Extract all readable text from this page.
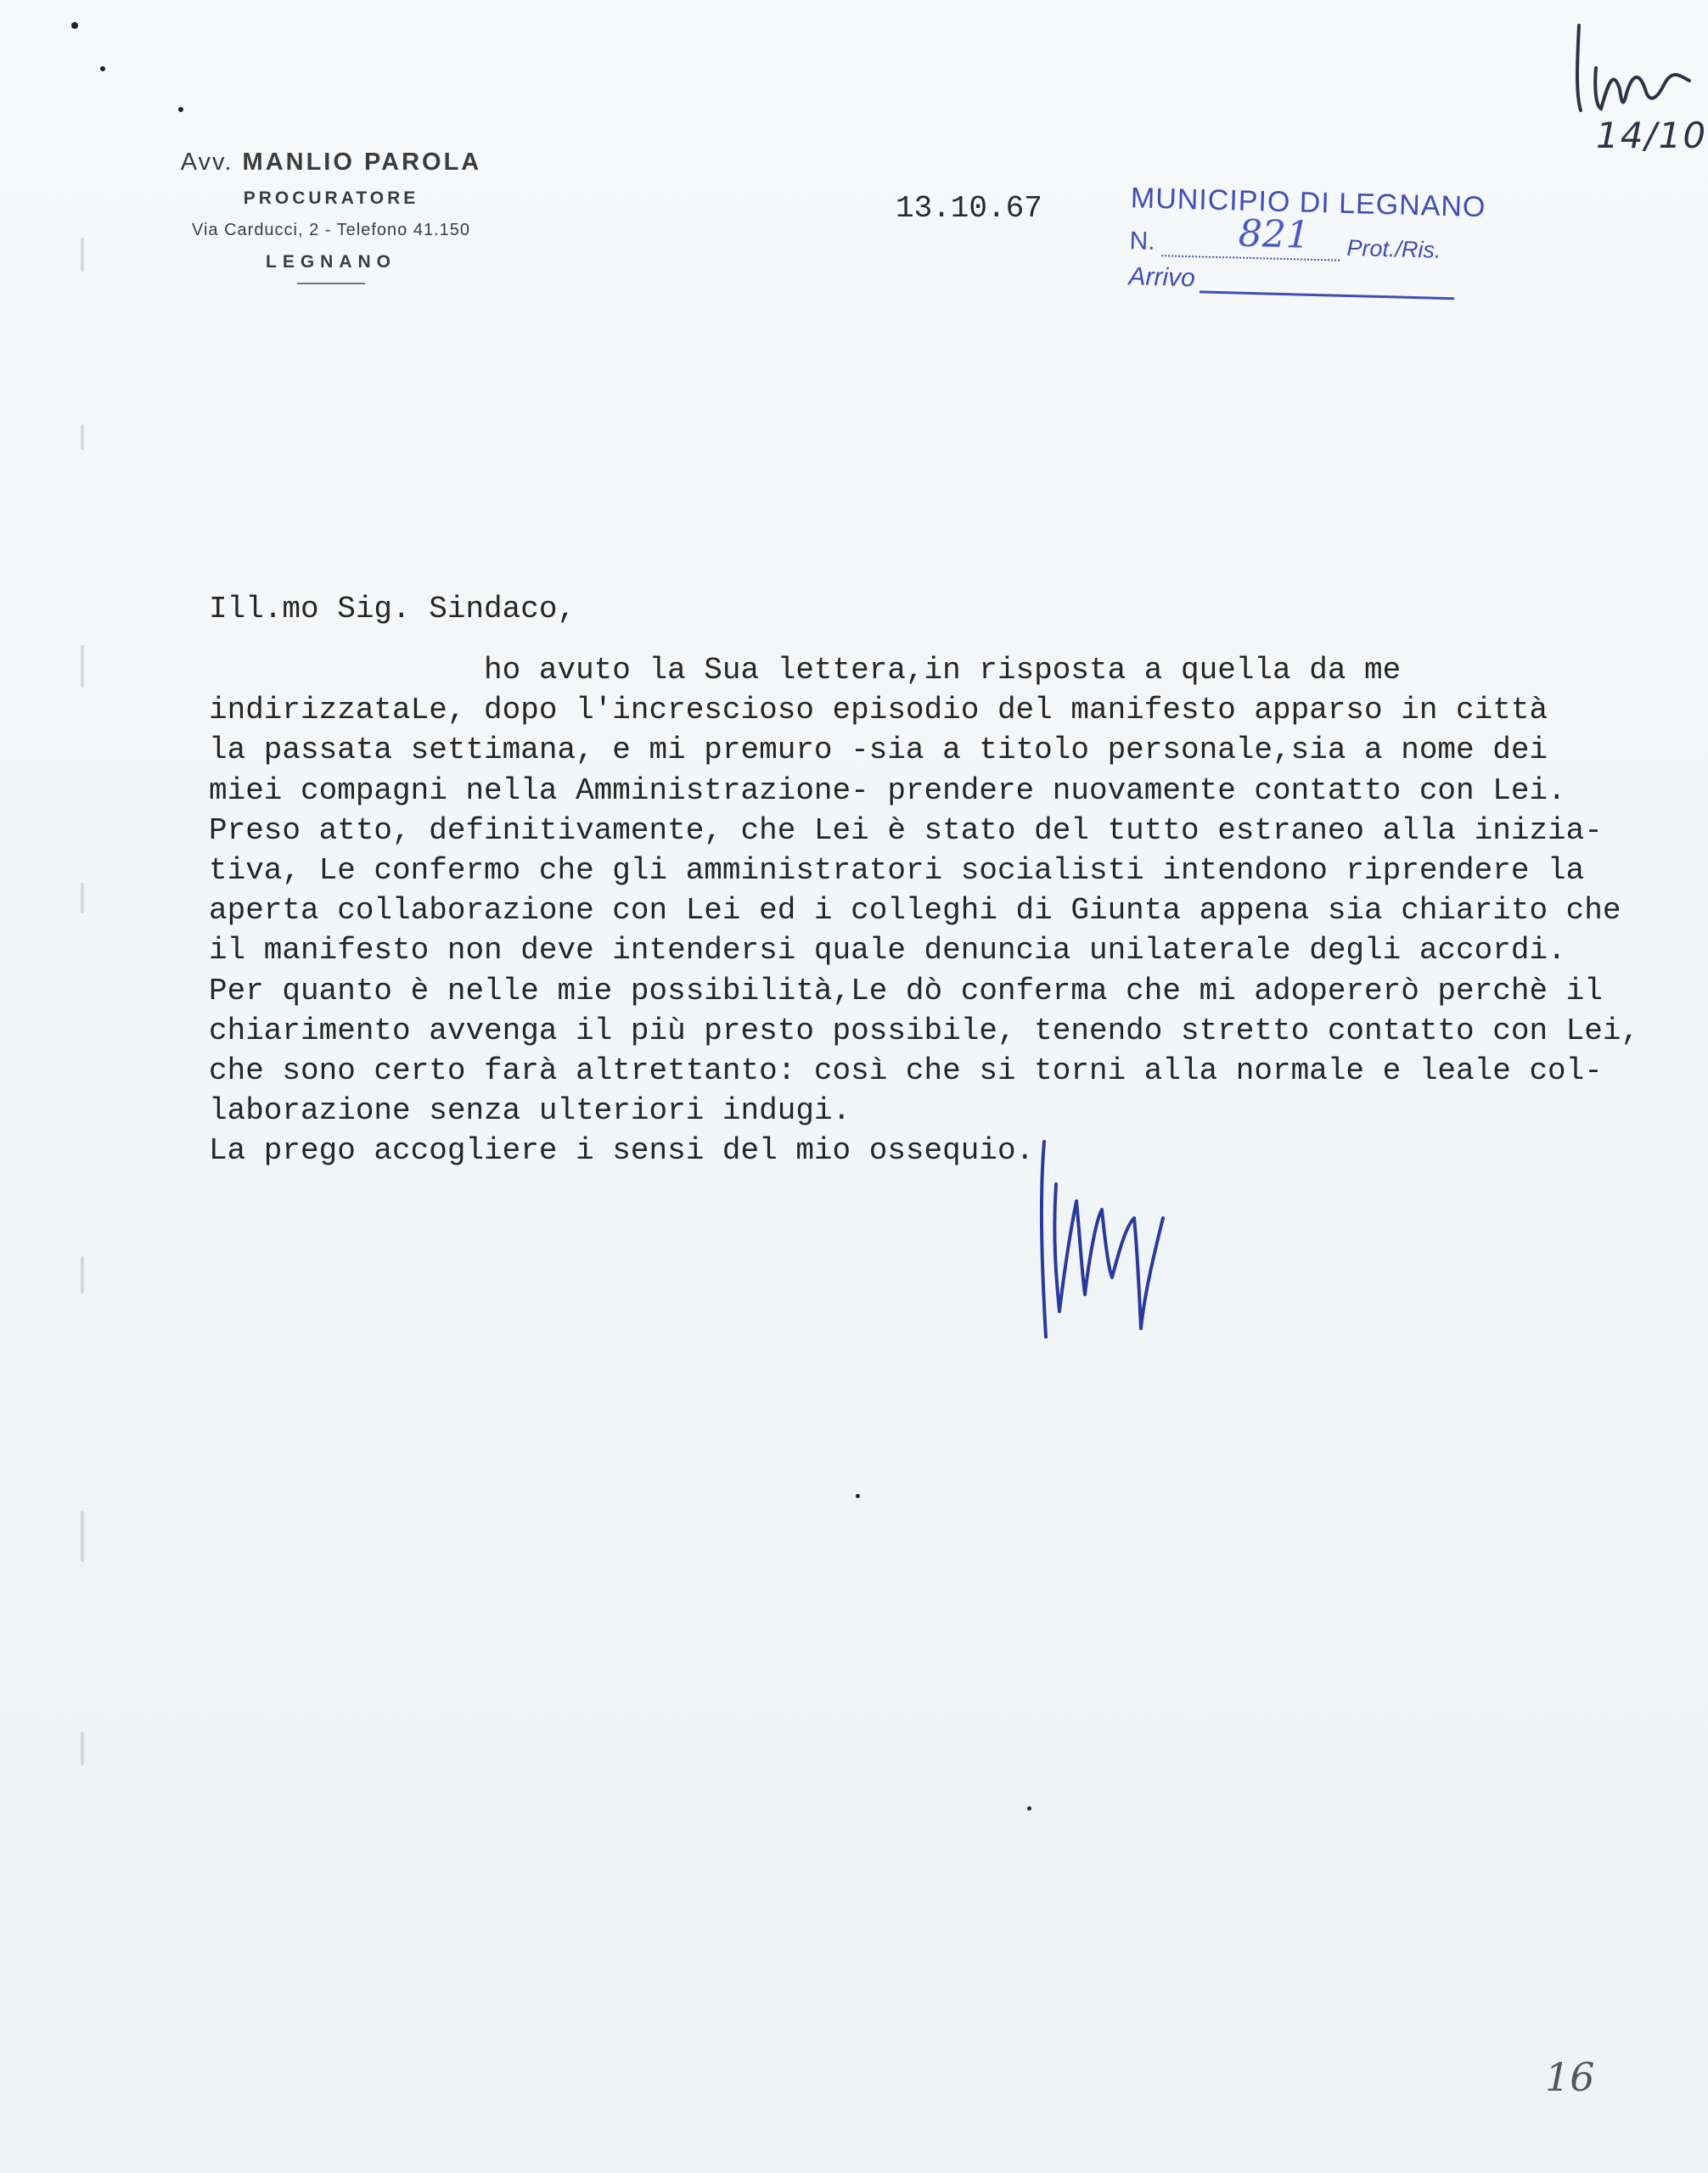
Avv. MANLIO PAROLA
PROCURATORE
Via Carducci, 2 - Telefono 41.150
LEGNANO
13.10.67	MUNICIPIO DI LEGNANO
N. 821 Prot./Ris.
Arrivo
14/10
Ill.mo Sig. Sindaco,
ho avuto la Sua lettera,in risposta a quella da me
indirizzataLe, dopo l'increscioso episodio del manifesto apparso in città
la passata settimana, e mi premuro -sia a titolo personale,sia a nome dei
miei compagni nella Amministrazione- prendere nuovamente contatto con Lei.
Preso atto, definitivamente, che Lei è stato del tutto estraneo alla inizia-
tiva, Le confermo che gli amministratori socialisti intendono riprendere la
aperta collaborazione con Lei ed i colleghi di Giunta appena sia chiarito che
il manifesto non deve intendersi quale denuncia unilaterale degli accordi.
Per quanto è nelle mie possibilità,Le dò conferma che mi adopererò perchè il
chiarimento avvenga il più presto possibile, tenendo stretto contatto con Lei,
che sono certo farà altrettanto: così che si torni alla normale e leale col-
laborazione senza ulteriori indugi.
La prego accogliere i sensi del mio ossequio.
16
